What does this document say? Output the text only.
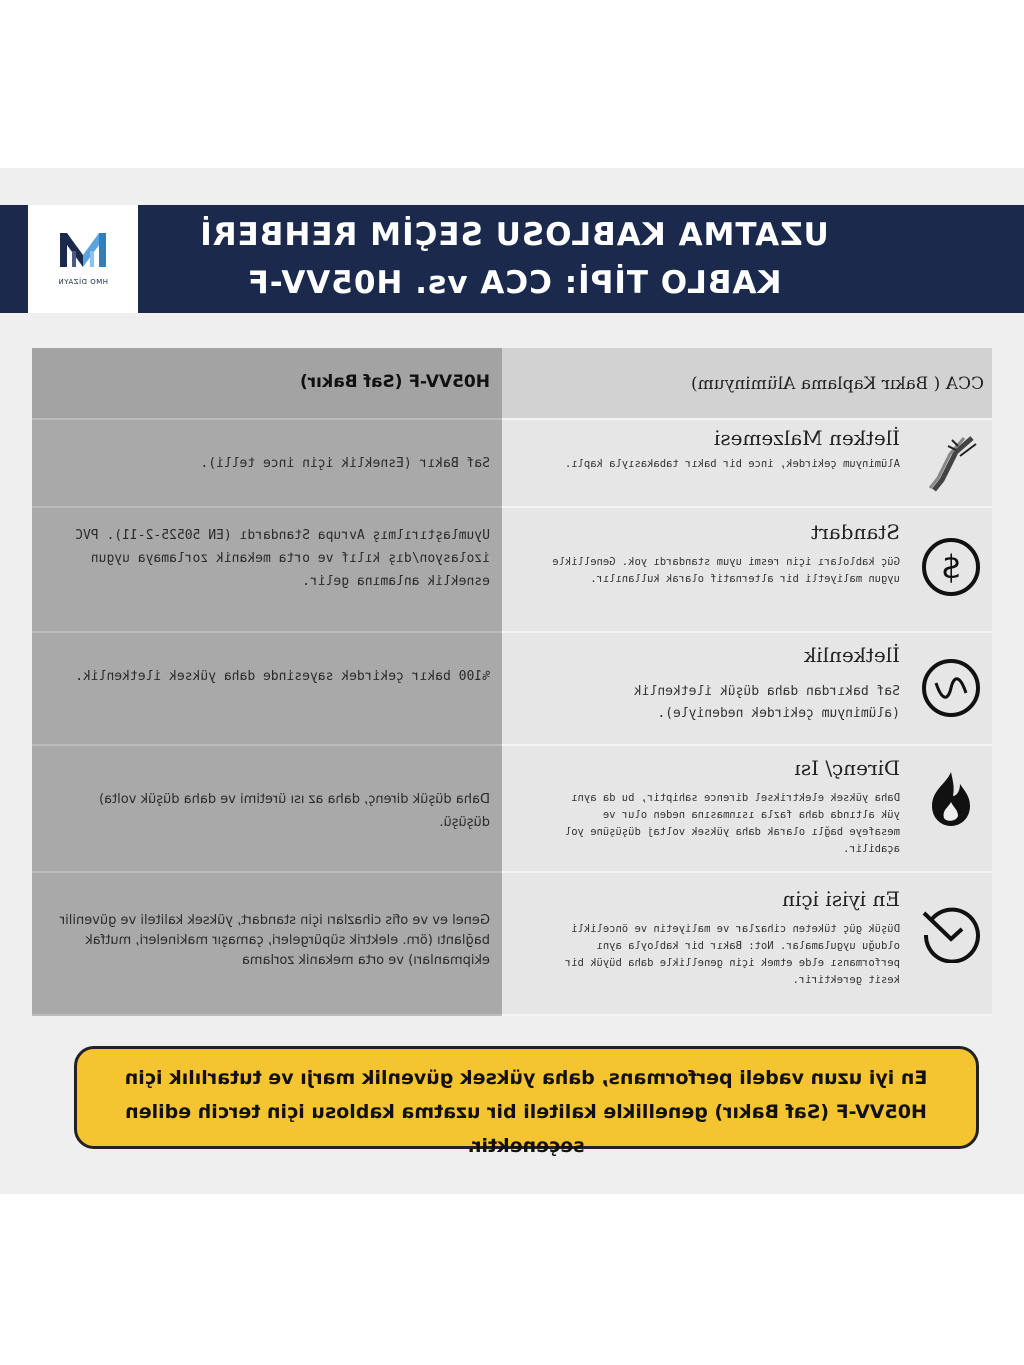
HMO DİZAYN
UZATMA KABLOSU SEÇİM REHBERİ
KABLO TİPİ: CCA vs. H05VV-F
CCA ( Bakır Kaplama Alüminyum)
H05VV-F (Saf Bakır)
İletken Malzemesi
Alüminyum çekirdek, ince bir bakır tabakasıyla kaplı.
Saf Bakır (Esneklik için ince telli).
$
Standart
Güç kabloları için resmi uyum standardı yok. Genellikle uygun maliyetli bir alternatif olarak kullanılır.
Uyumlaştırılmış Avrupa Standardı (EN 50525-2-11). PVC izolasyon/dış kılıf ve orta mekanik zorlamaya uygun esneklik anlamına gelir.
İletkenlik
Saf bakırdan daha düşük iletkenlik (alüminyum çekirdek nedeniyle).
%100 bakır çekirdek sayesinde daha yüksek iletkenlik.
Direnç/ Isı
Daha yüksek elektriksel dirence sahiptir, bu da aynı yük altında daha fazla ısınmasına neden olur ve mesafeye bağlı olarak daha yüksek voltaj düşüşüne yol açabilir.
Daha düşük direnç, daha az ısı üretimi ve daha düşük volta) düşüşü.
En iyisi için
Düşük güç tüketen cihazlar ve maliyetin ve öncelikli olduğu uygulamalar. Not: Bakır bir kabloyla aynı performansı elde etmek için genellikle daha büyük bir kesit gerektirir.
Genel ev ve ofis cihazları için standart, yüksek kaliteli ve güvenilir bağlantı (örn. elektrik süpürgeleri, çamaşır makineleri, mutfak ekipmanları) ve orta mekanik zorlama
En iyi uzun vadeli performans, daha yüksek güvenlik marjı ve tutarlılık için H05VV-F (Saf Bakır) genellikle kaliteli bir uzatma kablosu için tercih edilen seçenektir.
